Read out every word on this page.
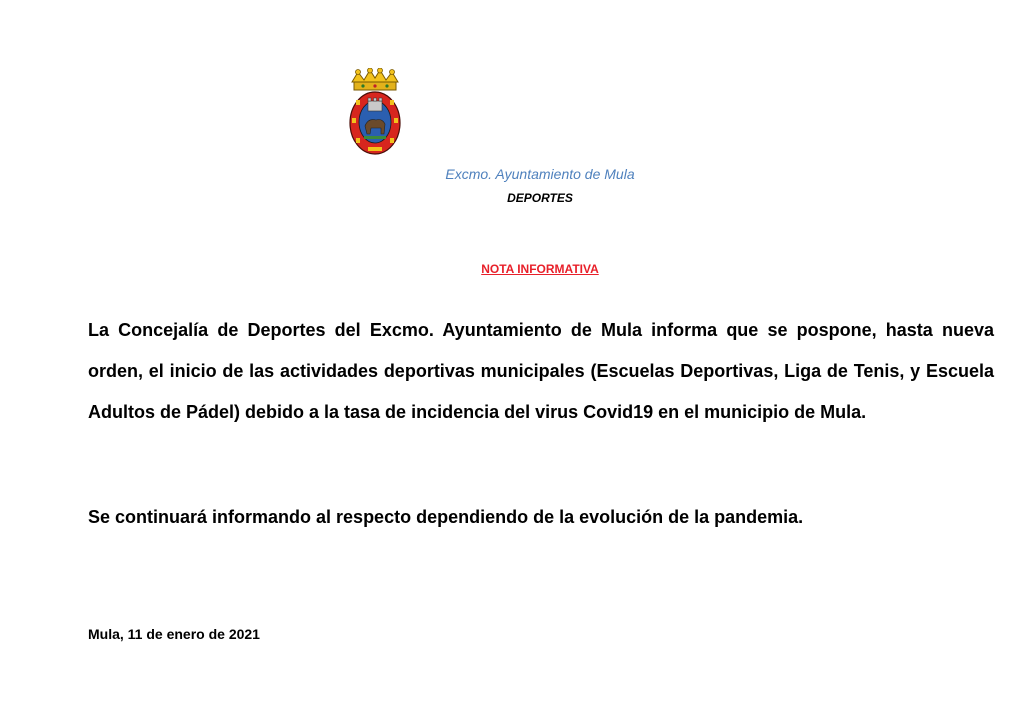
Excmo. Ayuntamiento de Mula
DEPORTES
NOTA INFORMATIVA

La Concejalía de Deportes del Excmo. Ayuntamiento de Mula informa que se pospone, hasta nueva orden, el inicio de las actividades deportivas municipales (Escuelas Deportivas, Liga de Tenis, y Escuela Adultos de Pádel) debido a la tasa de incidencia del virus Covid19 en el municipio de Mula.

Se continuará informando al respecto dependiendo de la evolución de la pandemia.

Mula, 11 de enero de 2021
